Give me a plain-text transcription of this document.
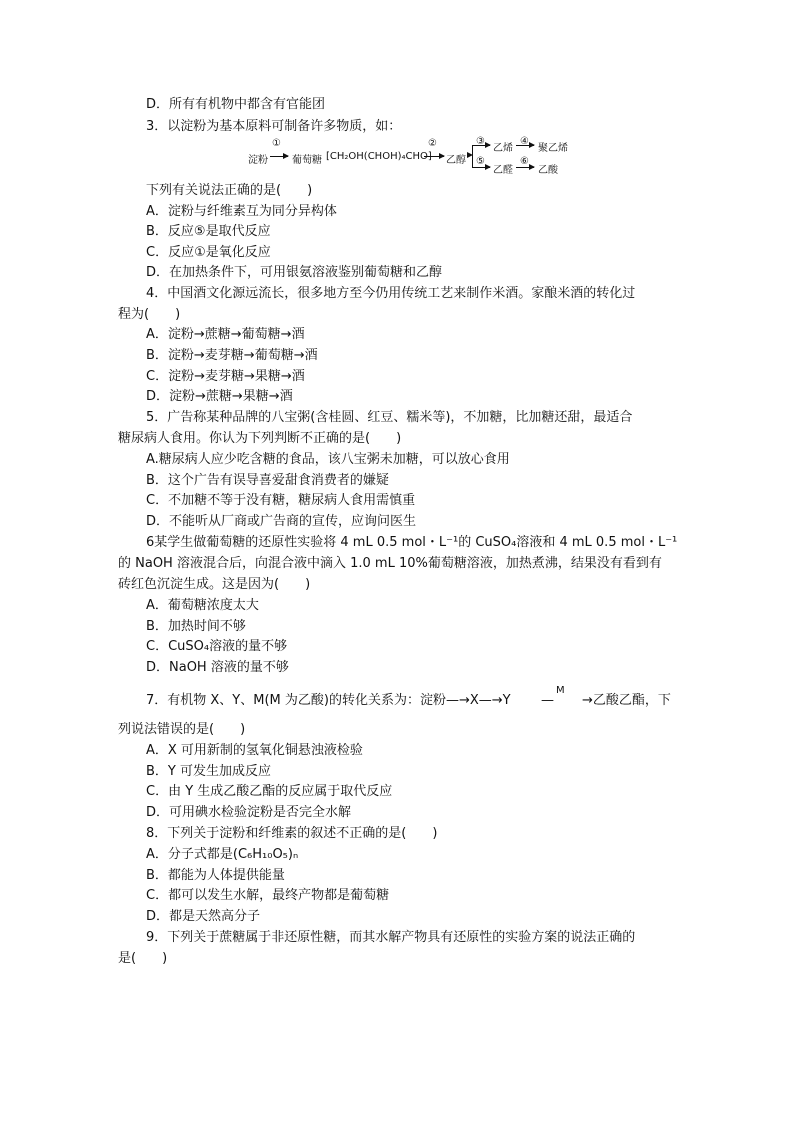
D．所有有机物中都含有官能团
3．以淀粉为基本原料可制备许多物质，如：
淀粉
①
葡萄糖 [CH₂OH(CHOH)₄CHO]
②
乙醇
③
乙烯
④
聚乙烯
⑤
乙醛
⑥
乙酸
下列有关说法正确的是(　　)
A．淀粉与纤维素互为同分异构体
B．反应⑤是取代反应
C．反应①是氧化反应
D．在加热条件下，可用银氨溶液鉴别葡萄糖和乙醇
4．中国酒文化源远流长，很多地方至今仍用传统工艺来制作米酒。家酿米酒的转化过
程为(　　)
A．淀粉→蔗糖→葡萄糖→酒
B．淀粉→麦芽糖→葡萄糖→酒
C．淀粉→麦芽糖→果糖→酒
D．淀粉→蔗糖→果糖→酒
5．广告称某种品牌的八宝粥(含桂圆、红豆、糯米等)，不加糖，比加糖还甜，最适合
糖尿病人食用。你认为下列判断不正确的是(　　)
A.糖尿病人应少吃含糖的食品，该八宝粥未加糖，可以放心食用
B．这个广告有误导喜爱甜食消费者的嫌疑
C．不加糖不等于没有糖，糖尿病人食用需慎重
D．不能听从厂商或广告商的宣传，应询问医生
6某学生做葡萄糖的还原性实验将 4 mL 0.5 mol・L⁻¹的 CuSO₄溶液和 4 mL 0.5 mol・L⁻¹
的 NaOH 溶液混合后，向混合液中滴入 1.0 mL 10%葡萄糖溶液，加热煮沸，结果没有看到有
砖红色沉淀生成。这是因为(　　)
A．葡萄糖浓度太大
B．加热时间不够
C．CuSO₄溶液的量不够
D．NaOH 溶液的量不够
7．有机物 X、Y、M(M 为乙酸)的转化关系为：淀粉—→X—→Y
M
— →乙酸乙酯，下
列说法错误的是(　　)
A．X 可用新制的氢氧化铜悬浊液检验
B．Y 可发生加成反应
C．由 Y 生成乙酸乙酯的反应属于取代反应
D．可用碘水检验淀粉是否完全水解
8．下列关于淀粉和纤维素的叙述不正确的是(　　)
A．分子式都是(C₆H₁₀O₅)ₙ
B．都能为人体提供能量
C．都可以发生水解，最终产物都是葡萄糖
D．都是天然高分子
9．下列关于蔗糖属于非还原性糖，而其水解产物具有还原性的实验方案的说法正确的
是(　　)
